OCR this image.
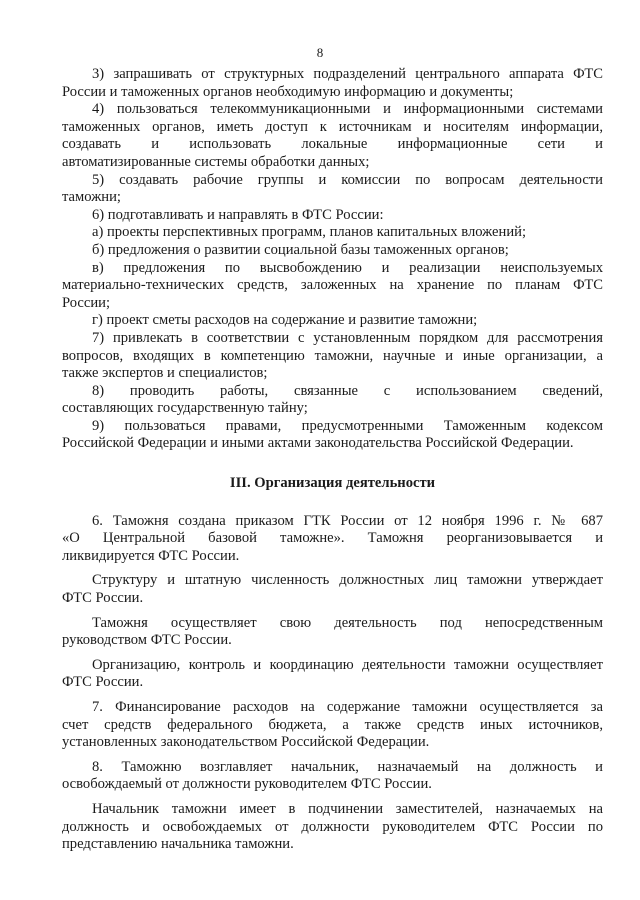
8

3) запрашивать от структурных подразделений центрального аппарата ФТС

России и таможенных органов необходимую информацию и документы;

4) пользоваться телекоммуникационными и информационными системами

таможенных органов, иметь доступ к источникам и носителям информации,

создавать и использовать локальные информационные сети и

автоматизированные системы обработки данных;

5) создавать рабочие группы и комиссии по вопросам деятельности

таможни;

6) подготавливать и направлять в ФТС России:

а) проекты перспективных программ, планов капитальных вложений;

б) предложения о развитии социальной базы таможенных органов;

в) предложения по высвобождению и реализации неиспользуемых

материально-технических средств, заложенных на хранение по планам ФТС

России;

г) проект сметы расходов на содержание и развитие таможни;

7) привлекать в соответствии с установленным порядком для рассмотрения

вопросов, входящих в компетенцию таможни, научные и иные организации, а

также экспертов и специалистов;

8) проводить работы, связанные с использованием сведений,

составляющих государственную тайну;

9) пользоваться правами, предусмотренными Таможенным кодексом

Российской Федерации и иными актами законодательства Российской Федерации.

III. Организация деятельности

6. Таможня создана приказом ГТК России от 12 ноября 1996 г. № 687

«О Центральной базовой таможне». Таможня реорганизовывается и

ликвидируется ФТС России.

Структуру и штатную численность должностных лиц таможни утверждает

ФТС России.

Таможня осуществляет свою деятельность под непосредственным

руководством ФТС России.

Организацию, контроль и координацию деятельности таможни осуществляет

ФТС России.

7. Финансирование расходов на содержание таможни осуществляется за

счет средств федерального бюджета, а также средств иных источников,

установленных законодательством Российской Федерации.

8. Таможню возглавляет начальник, назначаемый на должность и

освобождаемый от должности руководителем ФТС России.

Начальник таможни имеет в подчинении заместителей, назначаемых на

должность и освобождаемых от должности руководителем ФТС России по

представлению начальника таможни.
